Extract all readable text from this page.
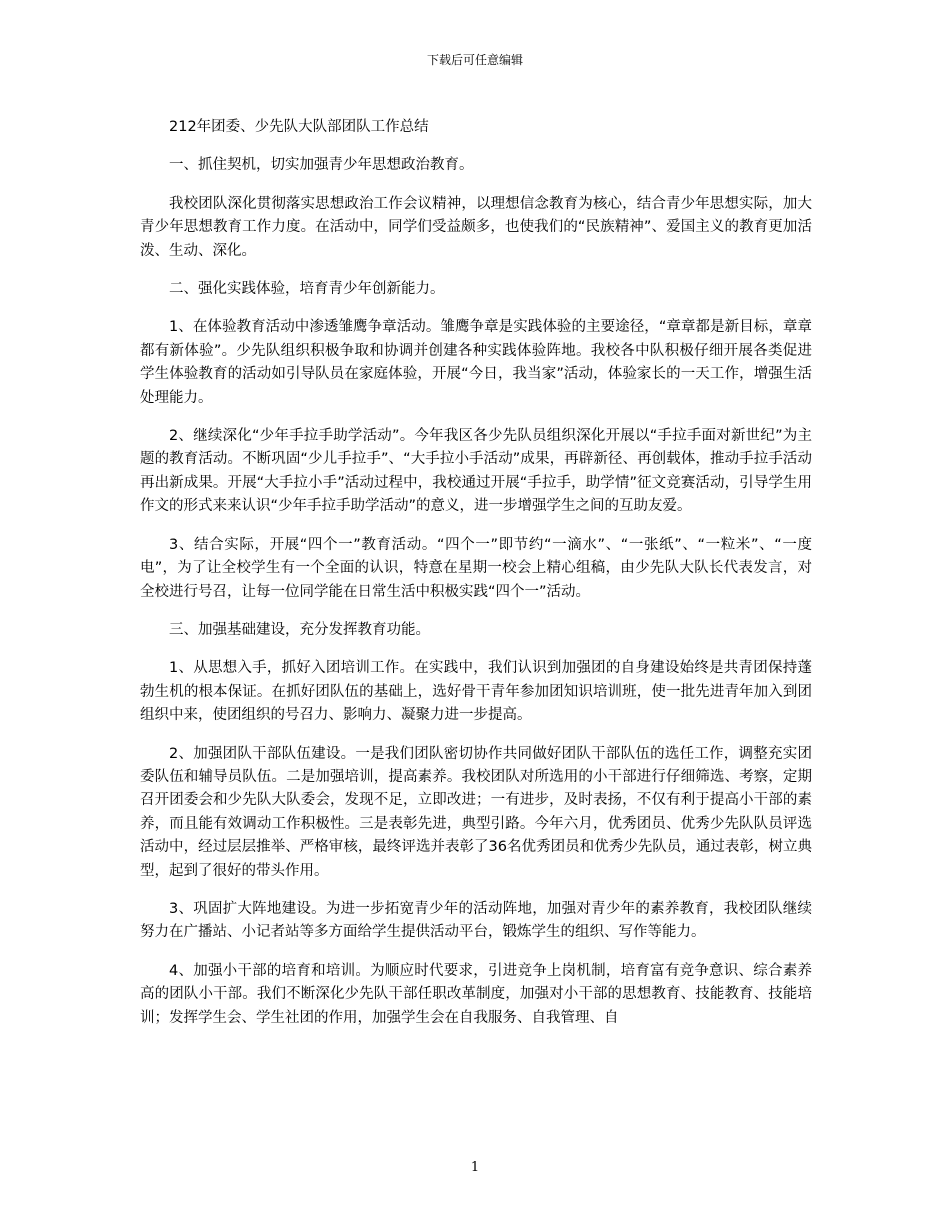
下载后可任意编辑

212年团委、少先队大队部团队工作总结

一、抓住契机，切实加强青少年思想政治教育。

我校团队深化贯彻落实思想政治工作会议精神，以理想信念教育为核心，结合青少年思想实际，加大青少年思想教育工作力度。在活动中，同学们受益颇多，也使我们的“民族精神”、爱国主义的教育更加活泼、生动、深化。

二、强化实践体验，培育青少年创新能力。

1、在体验教育活动中渗透雏鹰争章活动。雏鹰争章是实践体验的主要途径，“章章都是新目标，章章都有新体验”。少先队组织积极争取和协调并创建各种实践体验阵地。我校各中队积极仔细开展各类促进学生体验教育的活动如引导队员在家庭体验，开展“今日，我当家”活动，体验家长的一天工作，增强生活处理能力。

2、继续深化“少年手拉手助学活动”。今年我区各少先队员组织深化开展以“手拉手面对新世纪”为主题的教育活动。不断巩固“少儿手拉手”、“大手拉小手活动”成果，再辟新径、再创载体，推动手拉手活动再出新成果。开展“大手拉小手”活动过程中，我校通过开展“手拉手，助学情”征文竞赛活动，引导学生用作文的形式来来认识“少年手拉手助学活动”的意义，进一步增强学生之间的互助友爱。

3、结合实际，开展“四个一”教育活动。“四个一”即节约“一滴水”、“一张纸”、“一粒米”、“一度电”，为了让全校学生有一个全面的认识，特意在星期一校会上精心组稿，由少先队大队长代表发言，对全校进行号召，让每一位同学能在日常生活中积极实践“四个一”活动。

三、加强基础建设，充分发挥教育功能。

1、从思想入手，抓好入团培训工作。在实践中，我们认识到加强团的自身建设始终是共青团保持蓬勃生机的根本保证。在抓好团队伍的基础上，选好骨干青年参加团知识培训班，使一批先进青年加入到团组织中来，使团组织的号召力、影响力、凝聚力进一步提高。

2、加强团队干部队伍建设。一是我们团队密切协作共同做好团队干部队伍的选任工作，调整充实团委队伍和辅导员队伍。二是加强培训，提高素养。我校团队对所选用的小干部进行仔细筛选、考察，定期召开团委会和少先队大队委会，发现不足，立即改进；一有进步，及时表扬，不仅有利于提高小干部的素养，而且能有效调动工作积极性。三是表彰先进，典型引路。今年六月，优秀团员、优秀少先队队员评选活动中，经过层层推举、严格审核，最终评选并表彰了36名优秀团员和优秀少先队员，通过表彰，树立典型，起到了很好的带头作用。

3、巩固扩大阵地建设。为进一步拓宽青少年的活动阵地，加强对青少年的素养教育，我校团队继续努力在广播站、小记者站等多方面给学生提供活动平台，锻炼学生的组织、写作等能力。

4、加强小干部的培育和培训。为顺应时代要求，引进竞争上岗机制，培育富有竞争意识、综合素养高的团队小干部。我们不断深化少先队干部任职改革制度，加强对小干部的思想教育、技能教育、技能培训；发挥学生会、学生社团的作用，加强学生会在自我服务、自我管理、自

1
